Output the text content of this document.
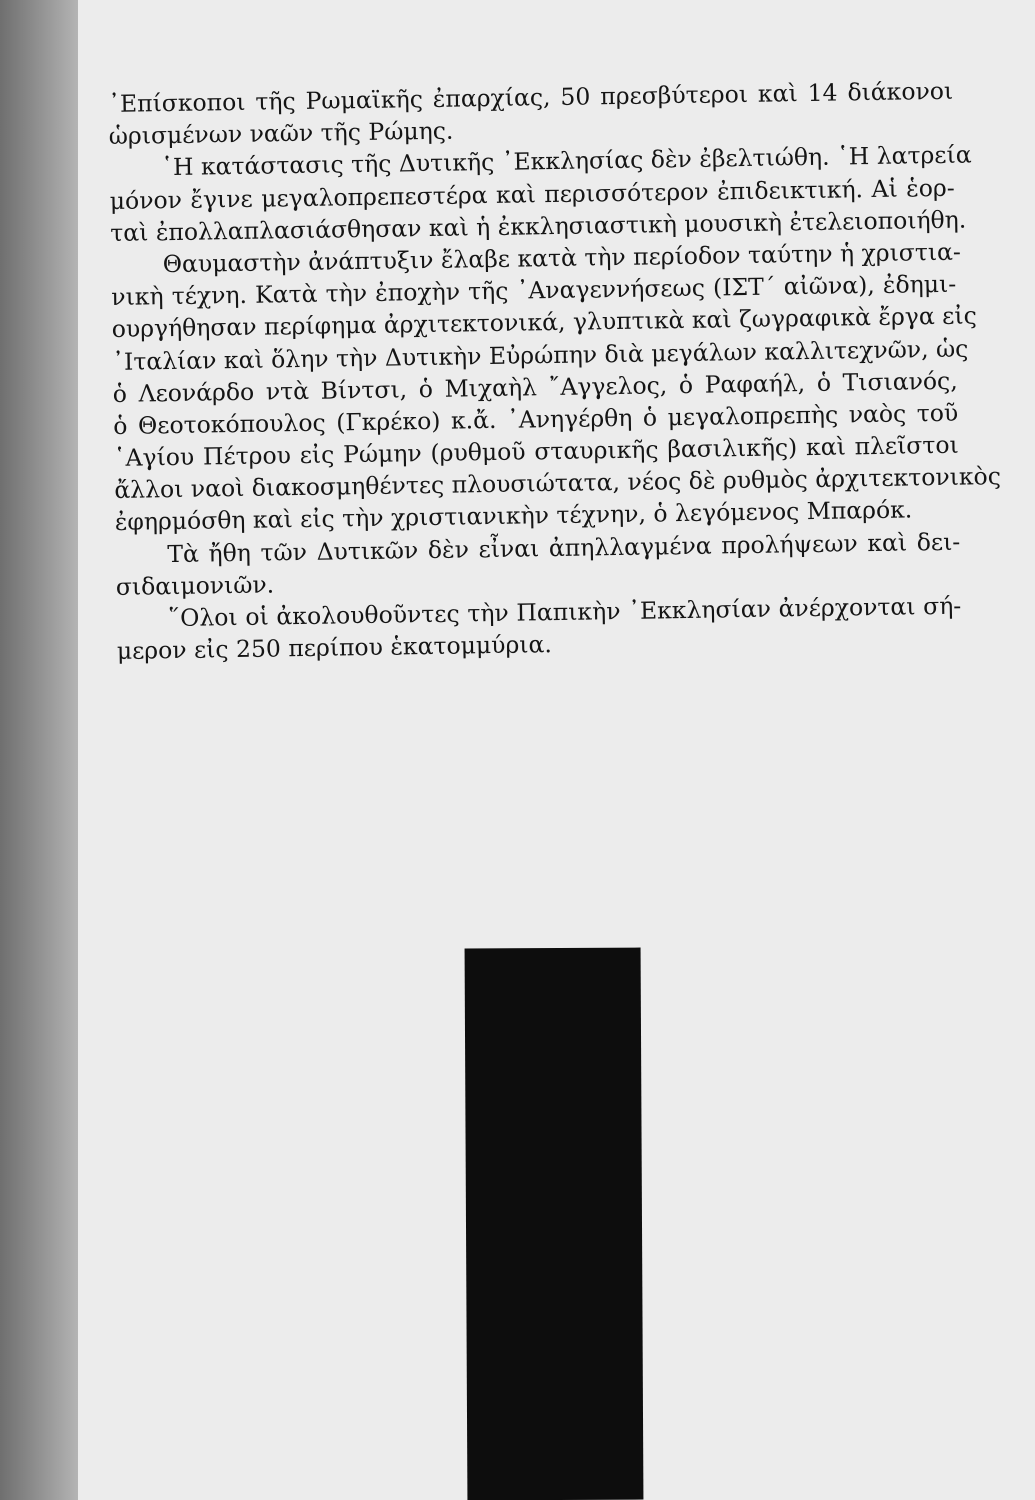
᾿Επίσκοποι τῆς Ρωμαϊκῆς ἐπαρχίας, 50 πρεσβύτεροι καὶ 14 διάκονοι
ὡρισμένων ναῶν τῆς Ρώμης.
῾Η κατάστασις τῆς Δυτικῆς ᾿Εκκλησίας δὲν ἐβελτιώθη. ῾Η λατρεία
μόνον ἔγινε μεγαλοπρεπεστέρα καὶ περισσότερον ἐπιδεικτική. Αἱ ἑορ-
ταὶ ἐπολλαπλασιάσθησαν καὶ ἡ ἐκκλησιαστικὴ μουσικὴ ἐτελειοποιήθη.
Θαυμαστὴν ἀνάπτυξιν ἔλαβε κατὰ τὴν περίοδον ταύτην ἡ χριστια-
νικὴ τέχνη. Κατὰ τὴν ἐποχὴν τῆς ᾿Αναγεννήσεως (ΙΣΤ΄ αἰῶνα), ἐδημι-
ουργήθησαν περίφημα ἀρχιτεκτονικά, γλυπτικὰ καὶ ζωγραφικὰ ἔργα εἰς
᾿Ιταλίαν καὶ ὅλην τὴν Δυτικὴν Εὐρώπην διὰ μεγάλων καλλιτεχνῶν, ὡς
ὁ Λεονάρδο ντὰ Βίντσι, ὁ Μιχαὴλ ῎Αγγελος, ὁ Ραφαήλ, ὁ Τισιανός,
ὁ Θεοτοκόπουλος (Γκρέκο) κ.ἄ. ᾿Ανηγέρθη ὁ μεγαλοπρεπὴς ναὸς τοῦ
῾Αγίου Πέτρου εἰς Ρώμην (ρυθμοῦ σταυρικῆς βασιλικῆς) καὶ πλεῖστοι
ἄλλοι ναοὶ διακοσμηθέντες πλουσιώτατα, νέος δὲ ρυθμὸς ἀρχιτεκτονικὸς
ἐφηρμόσθη καὶ εἰς τὴν χριστιανικὴν τέχνην, ὁ λεγόμενος Μπαρόκ.
Τὰ ἤθη τῶν Δυτικῶν δὲν εἶναι ἀπηλλαγμένα προλήψεων καὶ δει-
σιδαιμονιῶν.
῞Ολοι οἱ ἀκολουθοῦντες τὴν Παπικὴν ᾿Εκκλησίαν ἀνέρχονται σή-
μερον εἰς 250 περίπου ἑκατομμύρια.
